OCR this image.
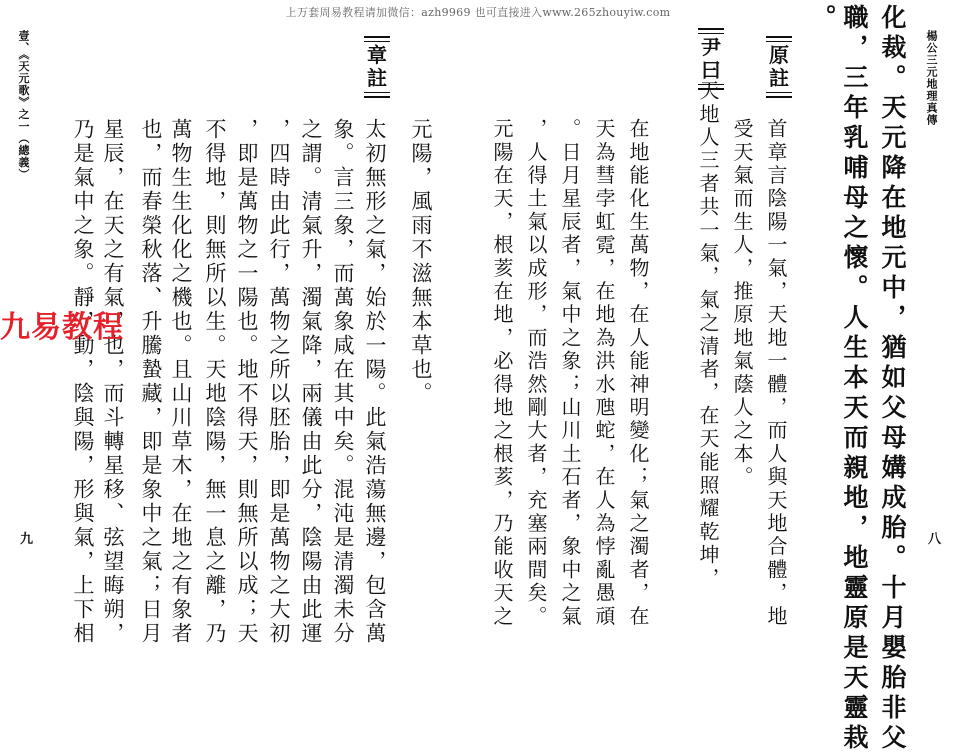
上万套周易教程请加微信：azh9969 也可直接进入www.265zhouyiw.com
壹、《天元歌》之一（總義）
九 乃是氣中之象。靜，動，陰與陽，形與氣，上下相 星辰，在天之有氣，也，而斗轉星移、弦望晦朔， 也，而春榮秋落、升騰蟄藏，即是象中之氣；日月 萬物生生化化之機也。且山川草木，在地之有象者 不得地，則無所以生。天地陰陽，無一息之離，乃 ，即是萬物之一陽也。地不得天，則無所以成；天 ，四時由此行，萬物之所以胚胎，即是萬物之大初 之謂。清氣升，濁氣降，兩儀由此分，陰陽由此運 象。言三象，而萬象咸在其中矣。混沌是清濁未分 太初無形之氣，始於一陽。此氣浩蕩無邊，包含萬
章註
元陽，風雨不滋無本草也。
九易教程	元陽在天，根荄在地，必得地之根荄，乃能收天之 ，人得土氣以成形，而浩然剛大者，充塞兩間矣。 。日月星辰者，氣中之象；山川土石者，象中之氣 天為彗孛虹霓，在地為洪水虺蛇，在人為悖亂愚頑 在地能化生萬物，在人能神明變化；氣之濁者，在 天地人三者共一氣，氣之清者，在天能照耀乾坤，
尹曰
受天氣而生人，推原地氣蔭人之本。 首章言陰陽一氣，天地一體，而人與天地合體，地
原註
。 職，三年乳哺母之懷。人生本天而親地，地靈原是天靈栽 化裁。天元降在地元中，猶如父母媾成胎。十月嬰胎非父 楊公三元地理真傳
八
